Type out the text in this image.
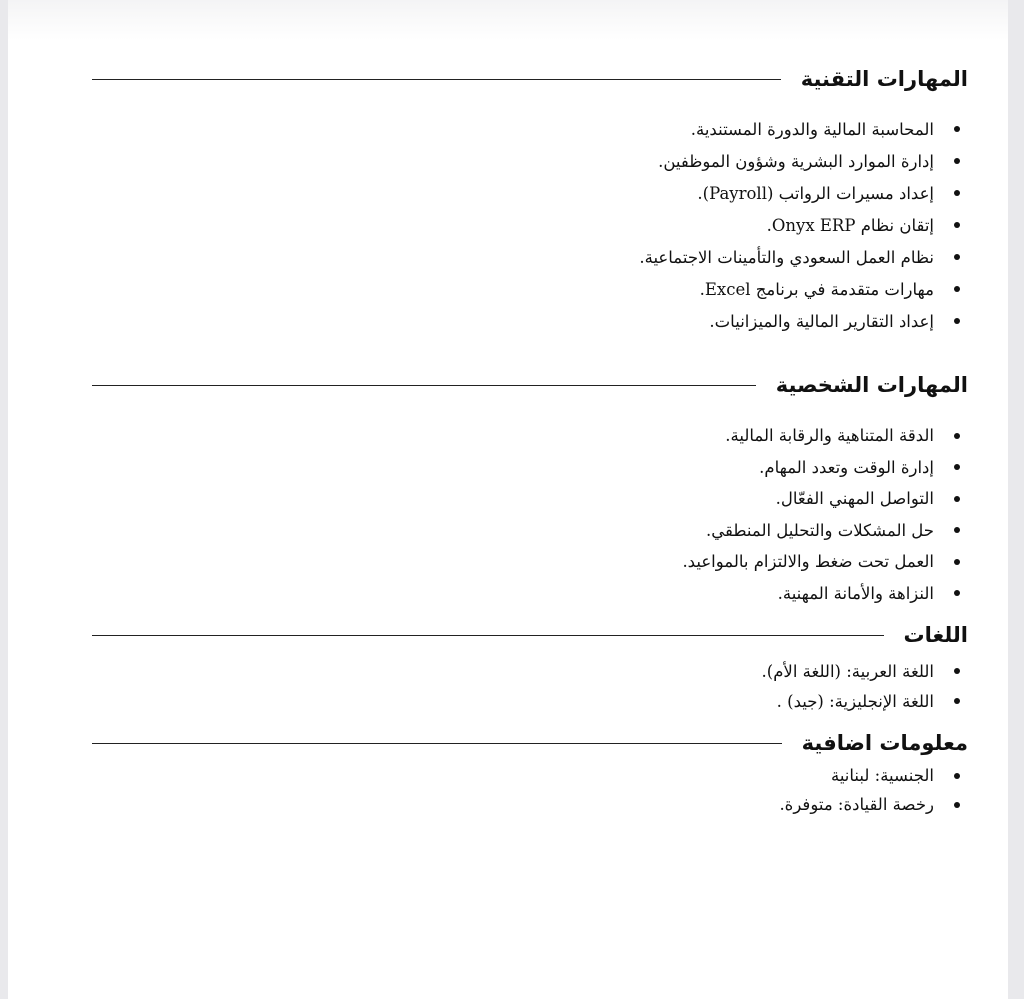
المهارات التقنية
المحاسبة المالية والدورة المستندية.
إدارة الموارد البشرية وشؤون الموظفين.
إعداد مسيرات الرواتب (Payroll).
إتقان نظام Onyx ERP.
نظام العمل السعودي والتأمينات الاجتماعية.
مهارات متقدمة في برنامج Excel.
إعداد التقارير المالية والميزانيات.
المهارات الشخصية
الدقة المتناهية والرقابة المالية.
إدارة الوقت وتعدد المهام.
التواصل المهني الفعّال.
حل المشكلات والتحليل المنطقي.
العمل تحت ضغط والالتزام بالمواعيد.
النزاهة والأمانة المهنية.
اللغات
اللغة العربية: (اللغة الأم).
اللغة الإنجليزية: (جيد) .
معلومات اضافية
الجنسية: لبنانية
رخصة القيادة: متوفرة.
